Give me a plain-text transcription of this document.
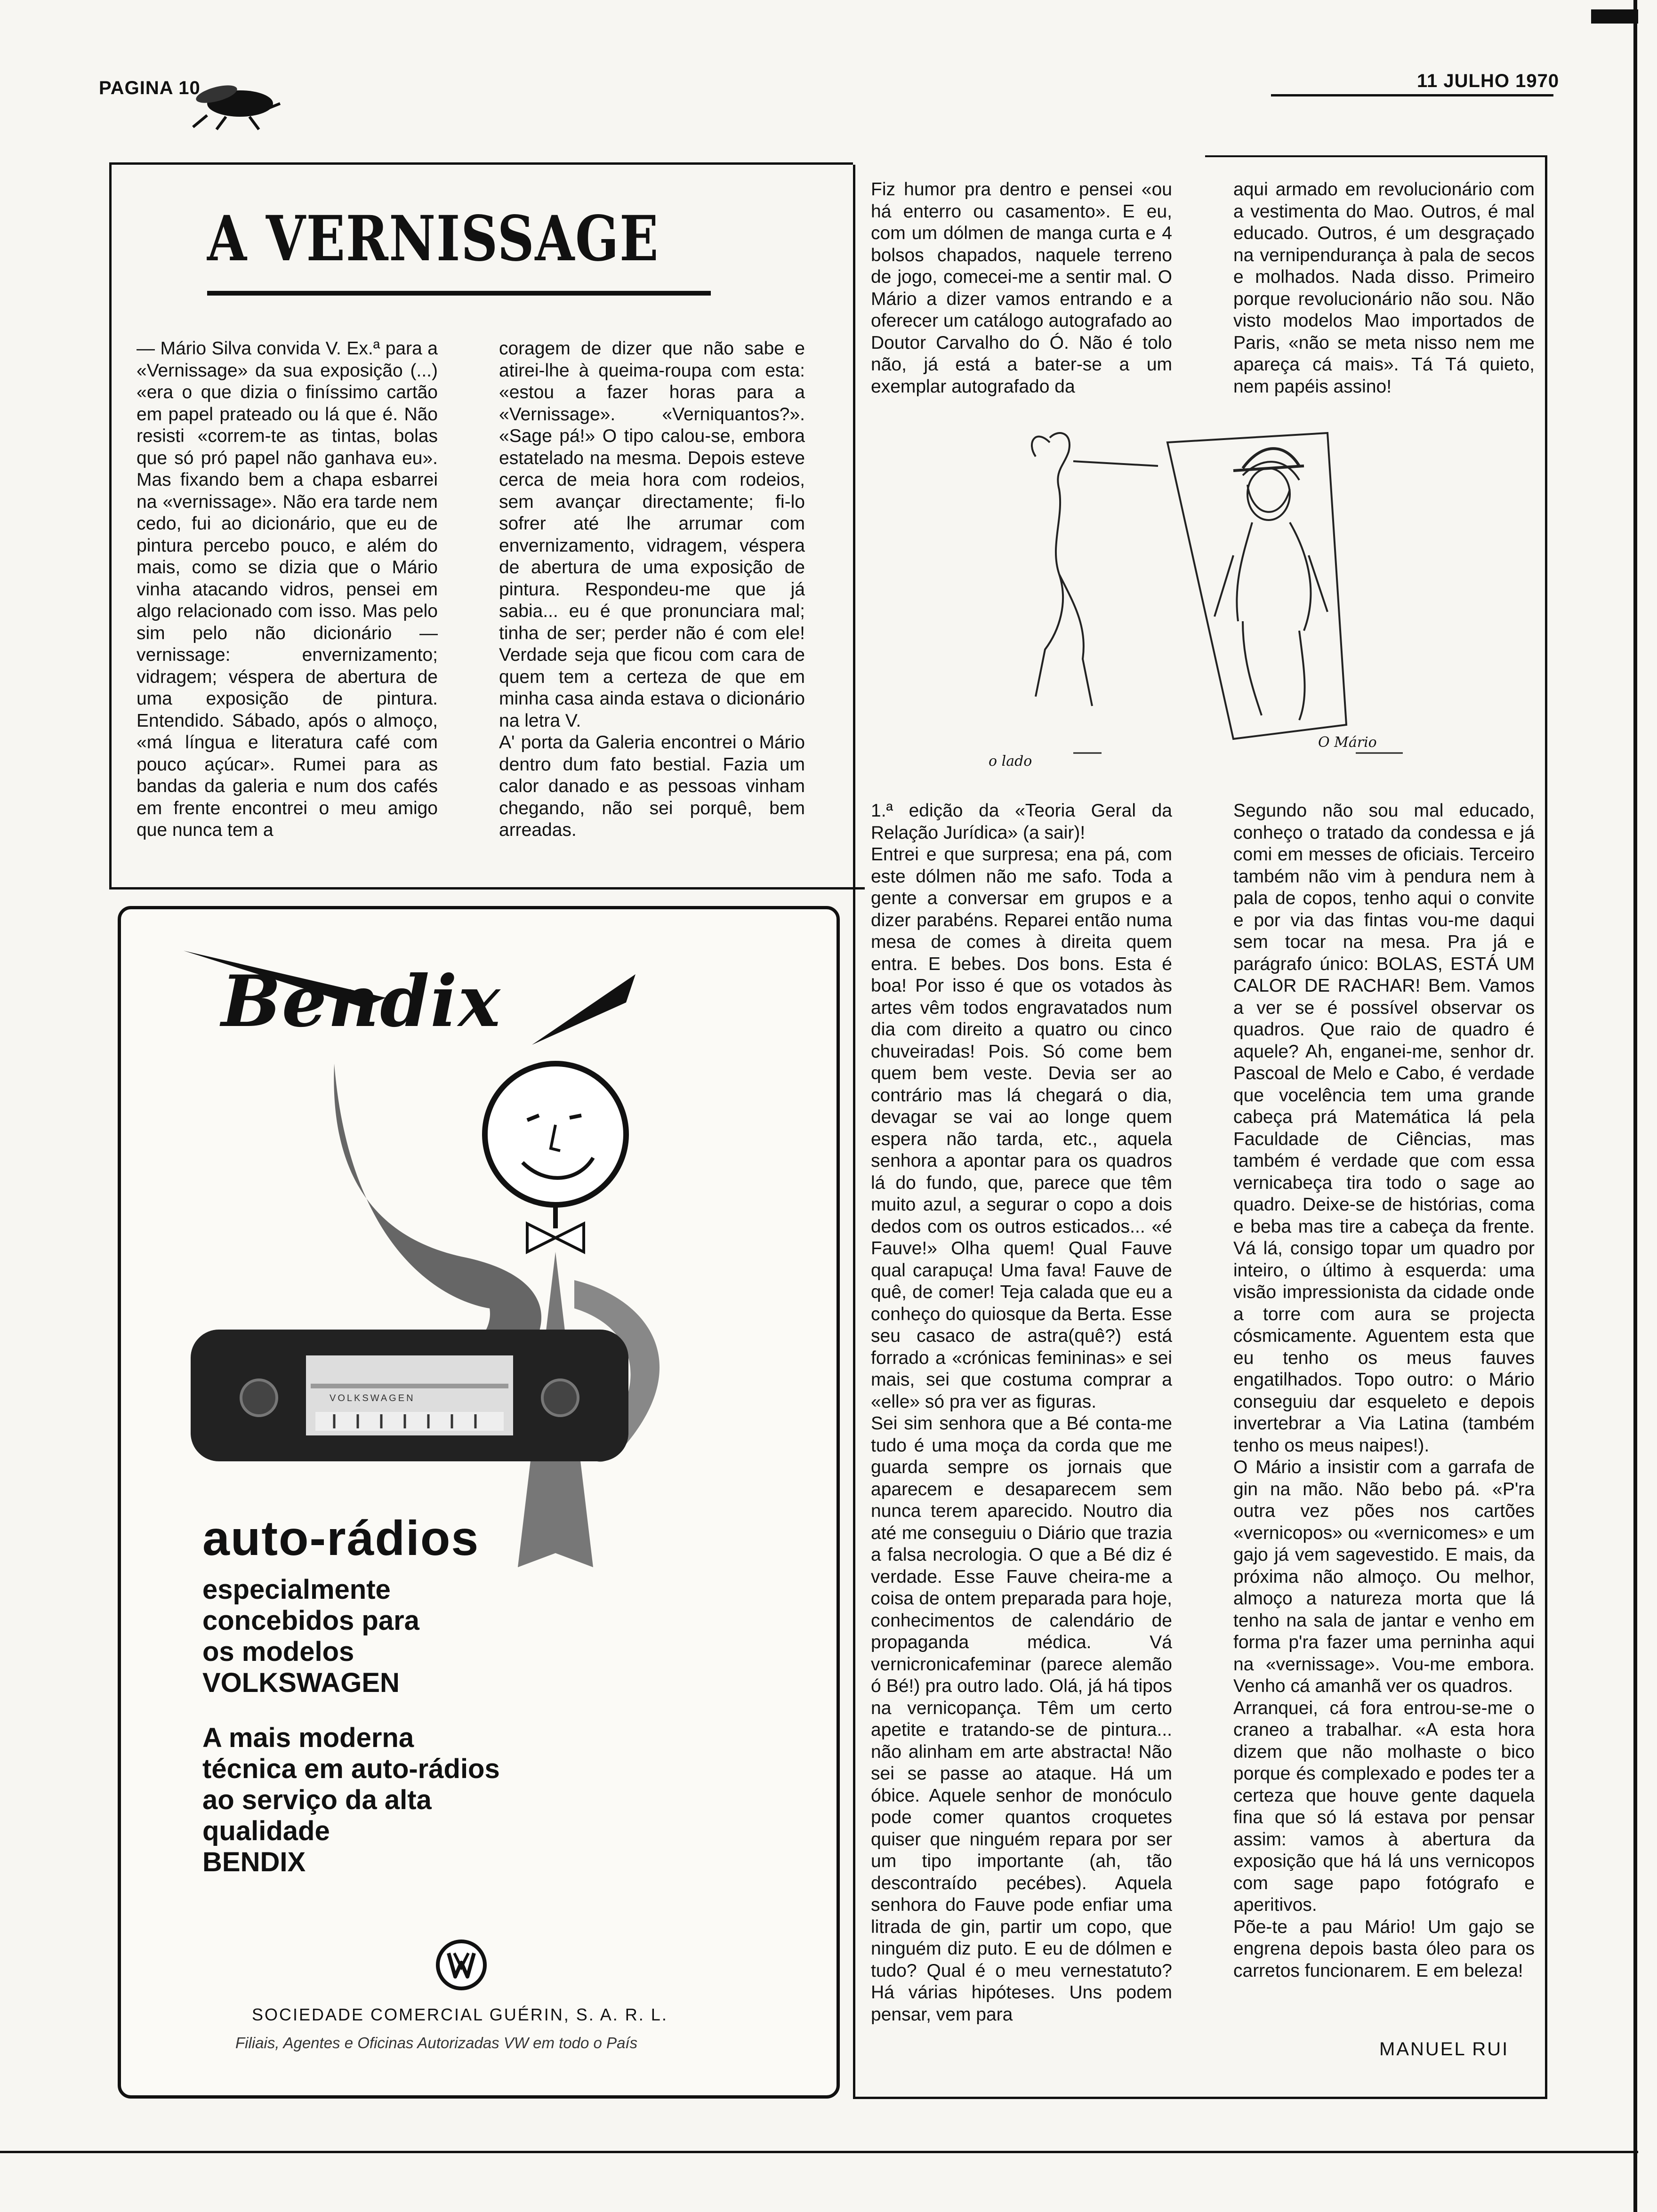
PAGINA 10	11 JULHO 1970
A VERNISSAGE
— Mário Silva convida V. Ex.ª para a «Vernissage» da sua exposição (...) «era o que dizia o finíssimo cartão em papel prateado ou lá que é. Não resisti «correm-te as tintas, bolas que só pró papel não ganhava eu». Mas fixando bem a chapa esbarrei na «vernissage». Não era tarde nem cedo, fui ao dicionário, que eu de pintura percebo pouco, e além do mais, como se dizia que o Mário vinha atacando vidros, pensei em algo relacionado com isso. Mas pelo sim pelo não dicionário — vernissage: envernizamento; vidragem; véspera de abertura de uma exposição de pintura. Entendido. Sábado, após o almoço, «má língua e literatura café com pouco açúcar». Rumei para as bandas da galeria e num dos cafés em frente encontrei o meu amigo que nunca tem a
coragem de dizer que não sabe e atirei-lhe à queima-roupa com esta: «estou a fazer horas para a «Vernissage». «Verniquantos?». «Sage pá!» O tipo calou-se, embora estatelado na mesma. Depois esteve cerca de meia hora com rodeios, sem avançar directamente; fi-lo sofrer até lhe arrumar com envernizamento, vidragem, véspera de abertura de uma exposição de pintura. Respondeu-me que já sabia... eu é que pronunciara mal; tinha de ser; perder não é com ele! Verdade seja que ficou com cara de quem tem a certeza de que em minha casa ainda estava o dicionário na letra V.
A' porta da Galeria encontrei o Mário dentro dum fato bestial. Fazia um calor danado e as pessoas vinham chegando, não sei porquê, bem arreadas.
Fiz humor pra dentro e pensei «ou há enterro ou casamento». E eu, com um dólmen de manga curta e 4 bolsos chapados, naquele terreno de jogo, comecei-me a sentir mal. O Mário a dizer vamos entrando e a oferecer um catálogo autografado ao Doutor Carvalho do Ó. Não é tolo não, já está a bater-se a um exemplar autografado da
aqui armado em revolucionário com a vestimenta do Mao. Outros, é mal educado. Outros, é um desgraçado na vernipendurança à pala de secos e molhados. Nada disso. Primeiro porque revolucionário não sou. Não visto modelos Mao importados de Paris, «não se meta nisso nem me apareça cá mais». Tá Tá quieto, nem papéis assino!
o lado
O Mário
1.ª edição da «Teoria Geral da Relação Jurídica» (a sair)!
Entrei e que surpresa; ena pá, com este dólmen não me safo. Toda a gente a conversar em grupos e a dizer parabéns. Reparei então numa mesa de comes à direita quem entra. E bebes. Dos bons. Esta é boa! Por isso é que os votados às artes vêm todos engravatados num dia com direito a quatro ou cinco chuveiradas! Pois. Só come bem quem bem veste. Devia ser ao contrário mas lá chegará o dia, devagar se vai ao longe quem espera não tarda, etc., aquela senhora a apontar para os quadros lá do fundo, que, parece que têm muito azul, a segurar o copo a dois dedos com os outros esticados... «é Fauve!» Olha quem! Qual Fauve qual carapuça! Uma fava! Fauve de quê, de comer! Teja calada que eu a conheço do quiosque da Berta. Esse seu casaco de astra(quê?) está forrado a «crónicas femininas» e sei mais, sei que costuma comprar a «elle» só pra ver as figuras.
Sei sim senhora que a Bé conta-me tudo é uma moça da corda que me guarda sempre os jornais que aparecem e desaparecem sem nunca terem aparecido. Noutro dia até me conseguiu o Diário que trazia a falsa necrologia. O que a Bé diz é verdade. Esse Fauve cheira-me a coisa de ontem preparada para hoje, conhecimentos de calendário de propaganda médica. Vá vernicronicafeminar (parece alemão ó Bé!) pra outro lado. Olá, já há tipos na vernicopança. Têm um certo apetite e tratando-se de pintura... não alinham em arte abstracta! Não sei se passe ao ataque. Há um óbice. Aquele senhor de monóculo pode comer quantos croquetes quiser que ninguém repara por ser um tipo importante (ah, tão descontraído pecébes). Aquela senhora do Fauve pode enfiar uma litrada de gin, partir um copo, que ninguém diz puto. E eu de dólmen e tudo? Qual é o meu vernestatuto? Há várias hipóteses. Uns podem pensar, vem para
Segundo não sou mal educado, conheço o tratado da condessa e já comi em messes de oficiais. Terceiro também não vim à pendura nem à pala de copos, tenho aqui o convite e por via das fintas vou-me daqui sem tocar na mesa. Pra já e parágrafo único: BOLAS, ESTÁ UM CALOR DE RACHAR! Bem. Vamos a ver se é possível observar os quadros. Que raio de quadro é aquele? Ah, enganei-me, senhor dr. Pascoal de Melo e Cabo, é verdade que vocelência tem uma grande cabeça prá Matemática lá pela Faculdade de Ciências, mas também é verdade que com essa vernicabeça tira todo o sage ao quadro. Deixe-se de histórias, coma e beba mas tire a cabeça da frente. Vá lá, consigo topar um quadro por inteiro, o último à esquerda: uma visão impressionista da cidade onde a torre com aura se projecta cósmicamente. Aguentem esta que eu tenho os meus fauves engatilhados. Topo outro: o Mário conseguiu dar esqueleto e depois invertebrar a Via Latina (também tenho os meus naipes!).
O Mário a insistir com a garrafa de gin na mão. Não bebo pá. «P'ra outra vez pões nos cartões «vernicopos» ou «vernicomes» e um gajo já vem sagevestido. E mais, da próxima não almoço. Ou melhor, almoço a natureza morta que lá tenho na sala de jantar e venho em forma p'ra fazer uma perninha aqui na «vernissage». Vou-me embora. Venho cá amanhã ver os quadros.
Arranquei, cá fora entrou-se-me o craneo a trabalhar. «A esta hora dizem que não molhaste o bico porque és complexado e podes ter a certeza que houve gente daquela fina que só lá estava por pensar assim: vamos à abertura da exposição que há lá uns vernicopos com sage papo fotógrafo e aperitivos.
Põe-te a pau Mário! Um gajo se engrena depois basta óleo para os carretos funcionarem. E em beleza!
MANUEL RUI
Bendix
VOLKSWAGEN
auto-rádios
especialmente
concebidos para
os modelos
VOLKSWAGEN
A mais moderna
técnica em auto-rádios
ao serviço da alta
qualidade
BENDIX
SOCIEDADE COMERCIAL GUÉRIN, S. A. R. L.
Filiais, Agentes e Oficinas Autorizadas VW em todo o País
